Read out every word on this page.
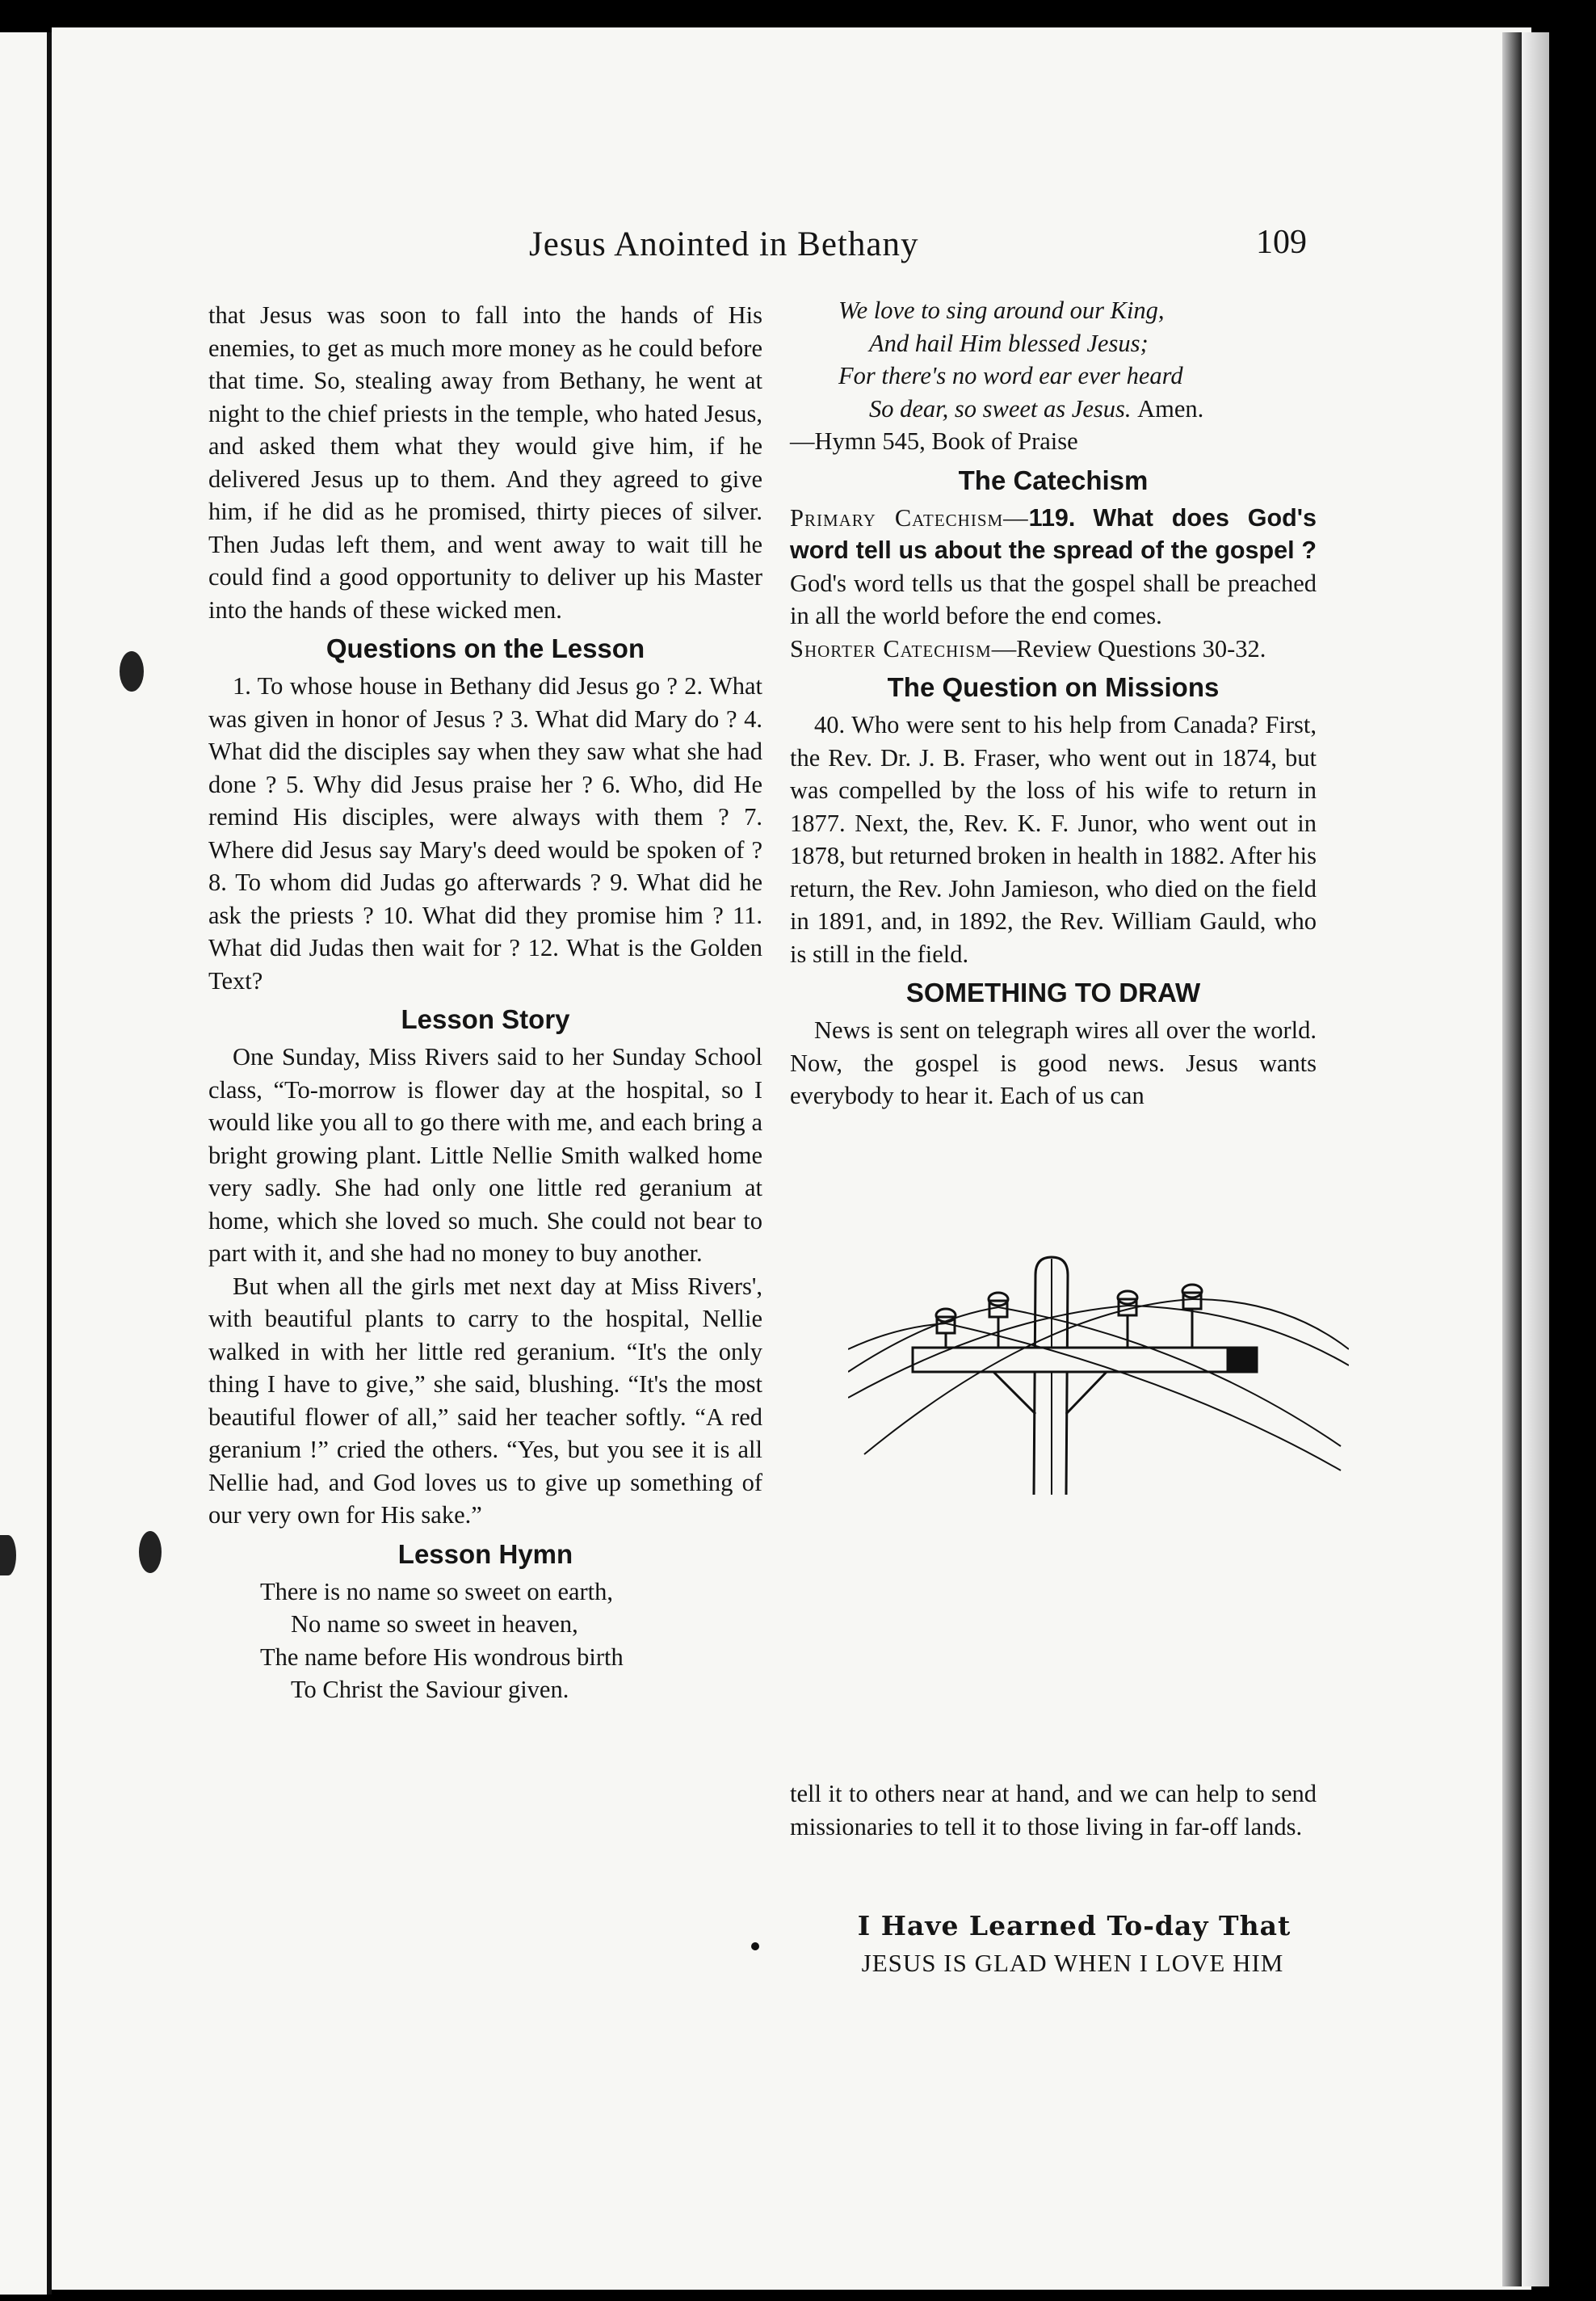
Jesus Anointed in Bethany	109

that Jesus was soon to fall into the hands of His enemies, to get as much more money as he could before that time. So, stealing away from Bethany, he went at night to the chief priests in the temple, who hated Jesus, and asked them what they would give him, if he delivered Jesus up to them. And they agreed to give him, if he did as he promised, thirty pieces of silver. Then Judas left them, and went away to wait till he could find a good opportunity to deliver up his Master into the hands of these wicked men.

Questions on the Lesson

1. To whose house in Bethany did Jesus go ? 2. What was given in honor of Jesus ? 3. What did Mary do ? 4. What did the disciples say when they saw what she had done ? 5. Why did Jesus praise her ? 6. Who, did He remind His disciples, were always with them ? 7. Where did Jesus say Mary's deed would be spoken of ? 8. To whom did Judas go afterwards ? 9. What did he ask the priests ? 10. What did they promise him ? 11. What did Judas then wait for ? 12. What is the Golden Text?

Lesson Story

One Sunday, Miss Rivers said to her Sunday School class, “To-morrow is flower day at the hospital, so I would like you all to go there with me, and each bring a bright growing plant. Little Nellie Smith walked home very sadly. She had only one little red geranium at home, which she loved so much. She could not bear to part with it, and she had no money to buy another.

But when all the girls met next day at Miss Rivers', with beautiful plants to carry to the hospital, Nellie walked in with her little red geranium. “It's the only thing I have to give,” she said, blushing. “It's the most beautiful flower of all,” said her teacher softly. “A red geranium !” cried the others. “Yes, but you see it is all Nellie had, and God loves us to give up something of our very own for His sake.”

Lesson Hymn
There is no name so sweet on earth,
No name so sweet in heaven,
The name before His wondrous birth
To Christ the Saviour given.
We love to sing around our King,
And hail Him blessed Jesus;
For there's no word ear ever heard
So dear, so sweet as Jesus. Amen.

—Hymn 545, Book of Praise

The Catechism

Primary Catechism—119. What does God's word tell us about the spread of the gospel ? God's word tells us that the gospel shall be preached in all the world before the end comes.

Shorter Catechism—Review Questions 30-32.

The Question on Missions

40. Who were sent to his help from Canada? First, the Rev. Dr. J. B. Fraser, who went out in 1874, but was compelled by the loss of his wife to return in 1877. Next, the, Rev. K. F. Junor, who went out in 1878, but returned broken in health in 1882. After his return, the Rev. John Jamieson, who died on the field in 1891, and, in 1892, the Rev. William Gauld, who is still in the field.

SOMETHING TO DRAW

News is sent on telegraph wires all over the world. Now, the gospel is good news. Jesus wants everybody to hear it. Each of us can

tell it to others near at hand, and we can help to send missionaries to tell it to those living in far-off lands.

I Have Learned To-day That
JESUS IS GLAD WHEN I LOVE HIM
